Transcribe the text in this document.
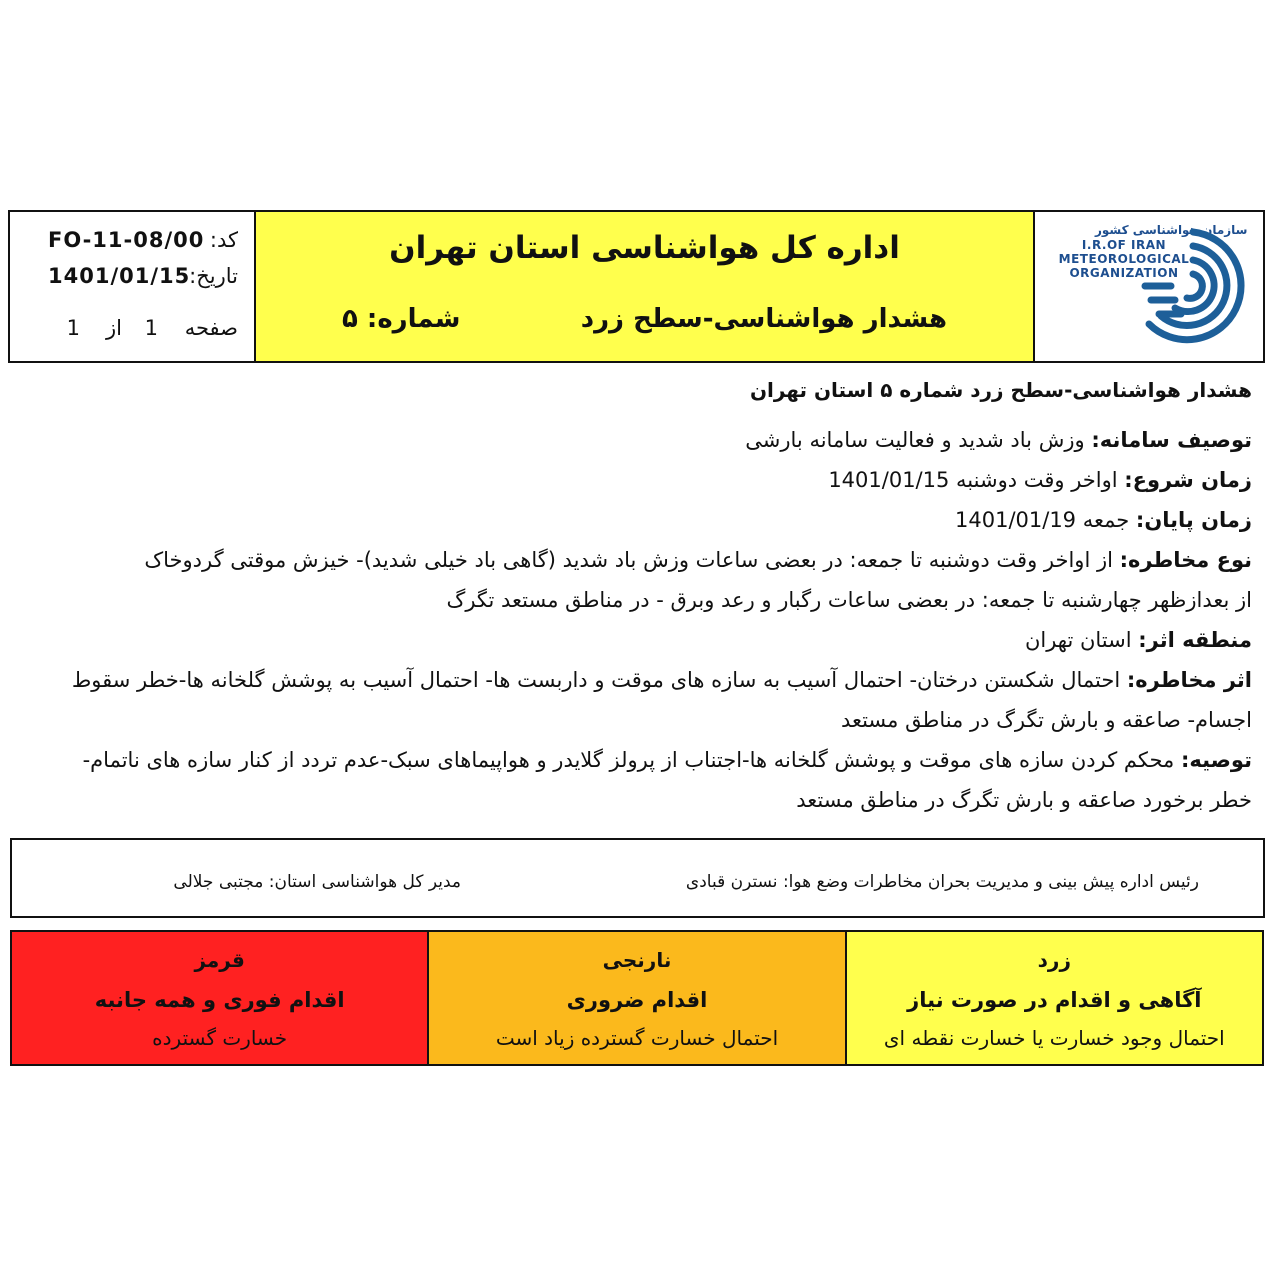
کد:
FO-11-08/00
تاریخ:
1401/01/15
صفحه
1
از
1
اداره کل هواشناسی استان تهران
هشدار هواشناسی-سطح زرد
شماره: ۵
سازمان هواشناسی کشور
I.R.OF IRAN
METEOROLOGICAL
ORGANIZATION
هشدار هواشناسی-سطح زرد شماره ۵ استان تهران

توصیف سامانه: وزش باد شدید و فعالیت سامانه بارشی

زمان شروع: اواخر وقت دوشنبه 1401/01/15

زمان پایان: جمعه 1401/01/19

نوع مخاطره: از اواخر وقت دوشنبه تا جمعه: در بعضی ساعات وزش باد شدید (گاهی باد خیلی شدید)- خیزش موقتی گردوخاک

از بعدازظهر چهارشنبه تا جمعه: در بعضی ساعات رگبار و رعد وبرق - در مناطق مستعد تگرگ

منطقه اثر: استان تهران

اثر مخاطره: احتمال شکستن درختان- احتمال آسیب به سازه های موقت و داربست ها- احتمال آسیب به پوشش گلخانه ها-خطر سقوط

اجسام- صاعقه و بارش تگرگ در مناطق مستعد

توصیه: محکم کردن سازه های موقت و پوشش گلخانه ها-اجتناب از پرولز گلایدر و هواپیماهای سبک-عدم تردد از کنار سازه های ناتمام-

خطر برخورد صاعقه و بارش تگرگ در مناطق مستعد

رئیس اداره پیش بینی و مدیریت بحران مخاطرات وضع هوا: نسترن قبادی
مدیر کل هواشناسی استان: مجتبی جلالی
قرمز
اقدام فوری و همه جانبه
خسارت گسترده
نارنجی
اقدام ضروری
احتمال خسارت گسترده زیاد است
زرد
آگاهی و اقدام در صورت نیاز
احتمال وجود خسارت یا خسارت نقطه ای
